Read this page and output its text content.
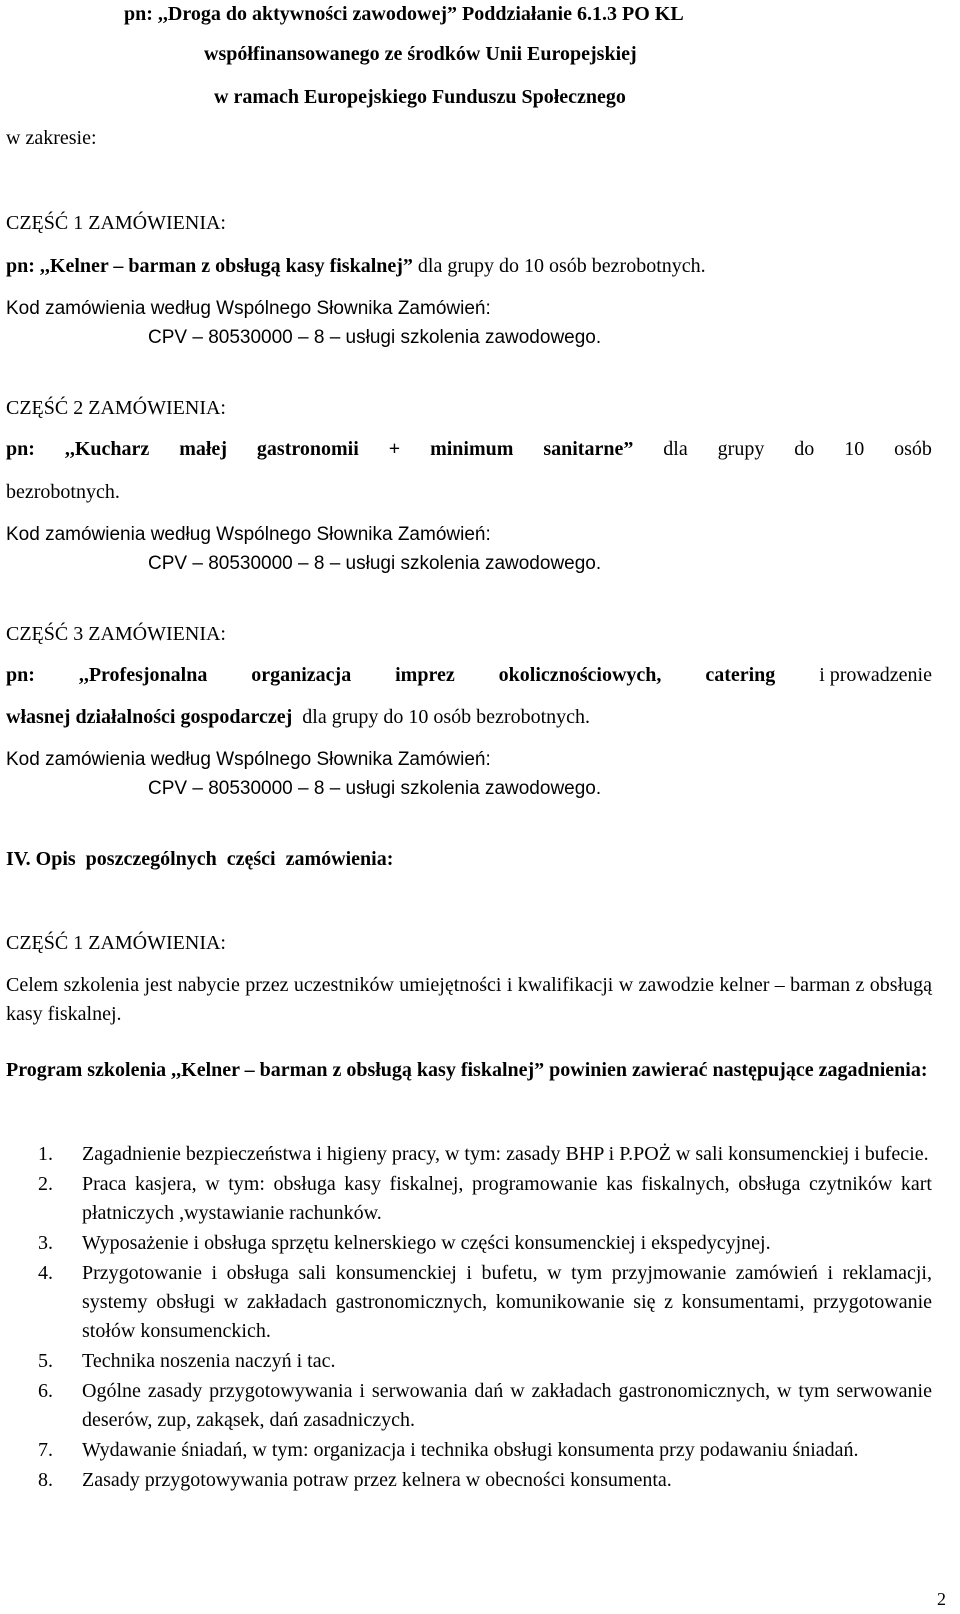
pn: ,,Droga do aktywności zawodowej” Poddziałanie 6.1.3 PO KL
współfinansowanego ze środków Unii Europejskiej
w ramach Europejskiego Funduszu Społecznego
w zakresie:
CZĘŚĆ 1 ZAMÓWIENIA:
pn: ,,Kelner – barman z obsługą kasy fiskalnej” dla grupy do 10 osób bezrobotnych.
Kod zamówienia według Wspólnego Słownika Zamówień:
CPV – 80530000 – 8 – usługi szkolenia zawodowego.
CZĘŚĆ 2 ZAMÓWIENIA:
pn: ,,Kucharz małej gastronomii + minimum sanitarne” dla grupy do 10 osób
bezrobotnych.
Kod zamówienia według Wspólnego Słownika Zamówień:
CPV – 80530000 – 8 – usługi szkolenia zawodowego.
CZĘŚĆ 3 ZAMÓWIENIA:
pn: ,,Profesjonalna organizacja imprez okolicznościowych, catering i prowadzenie
własnej działalności gospodarczej dla grupy do 10 osób bezrobotnych.
Kod zamówienia według Wspólnego Słownika Zamówień:
CPV – 80530000 – 8 – usługi szkolenia zawodowego.
IV. Opis  poszczególnych  części  zamówienia:
CZĘŚĆ 1 ZAMÓWIENIA:
Celem szkolenia jest nabycie przez uczestników umiejętności i kwalifikacji w zawodzie kelner – barman z obsługą kasy fiskalnej.
Program szkolenia ,,Kelner – barman z obsługą kasy fiskalnej” powinien zawierać następujące zagadnienia:
1. Zagadnienie bezpieczeństwa i higieny pracy, w tym: zasady BHP i P.POŻ w sali konsumenckiej i bufecie.
2. Praca kasjera, w tym: obsługa kasy fiskalnej, programowanie kas fiskalnych, obsługa czytników kart płatniczych ,wystawianie rachunków.
3. Wyposażenie i obsługa sprzętu kelnerskiego w części konsumenckiej i ekspedycyjnej.
4. Przygotowanie i obsługa sali konsumenckiej i bufetu, w tym przyjmowanie zamówień i reklamacji, systemy obsługi w zakładach gastronomicznych, komunikowanie się z konsumentami, przygotowanie stołów konsumenckich.
5. Technika noszenia naczyń i tac.
6. Ogólne zasady przygotowywania i serwowania dań w zakładach gastronomicznych, w tym serwowanie deserów, zup, zakąsek, dań zasadniczych.
7. Wydawanie śniadań, w tym: organizacja i technika obsługi konsumenta przy podawaniu śniadań.
8. Zasady przygotowywania potraw przez kelnera w obecności konsumenta.
2
